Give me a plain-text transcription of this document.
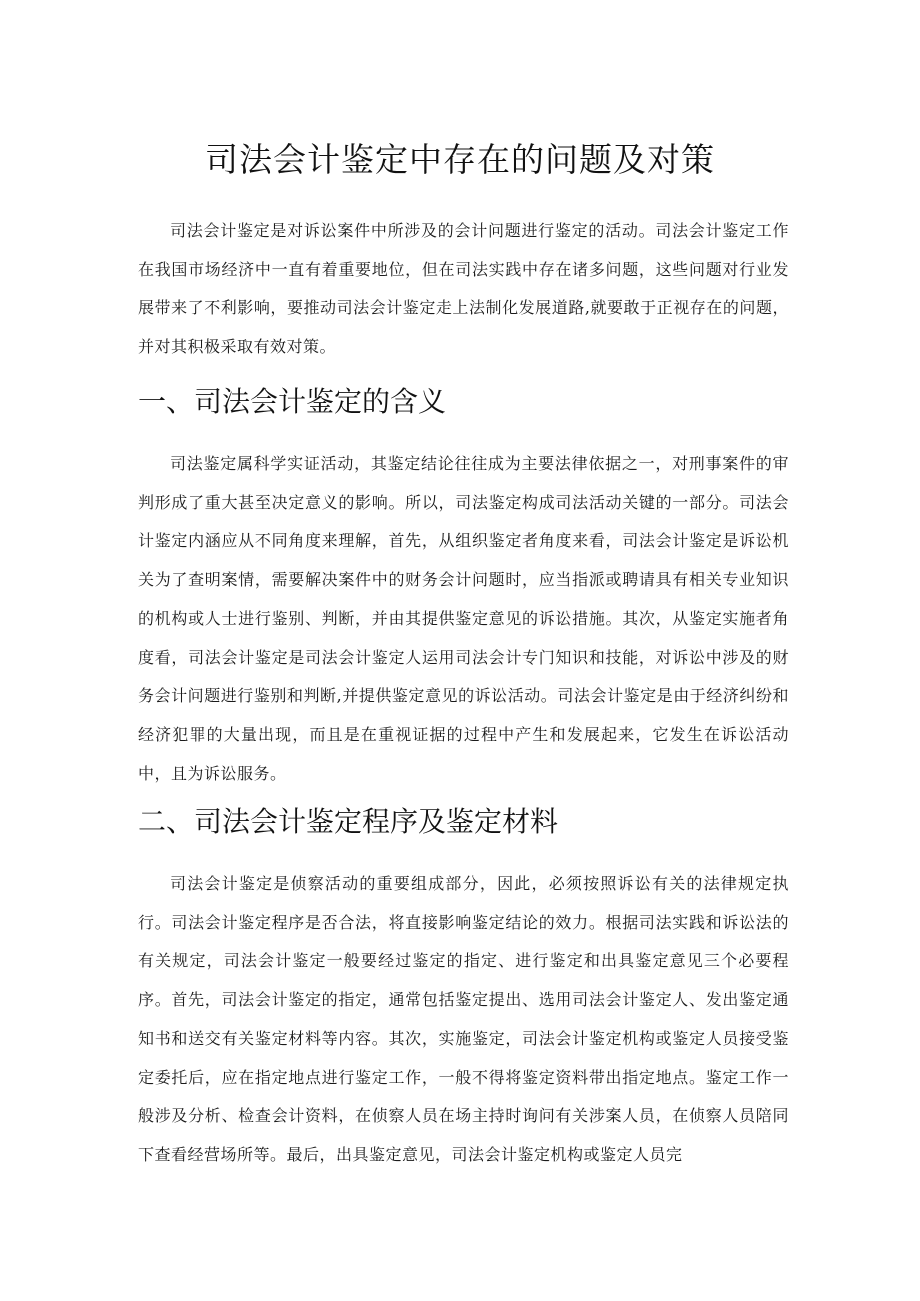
司法会计鉴定中存在的问题及对策

司法会计鉴定是对诉讼案件中所涉及的会计问题进行鉴定的活动。司法会计鉴定工作在我国市场经济中一直有着重要地位，但在司法实践中存在诸多问题，这些问题对行业发展带来了不利影响，要推动司法会计鉴定走上法制化发展道路,就要敢于正视存在的问题，并对其积极采取有效对策。

一、司法会计鉴定的含义

司法鉴定属科学实证活动，其鉴定结论往往成为主要法律依据之一，对刑事案件的审判形成了重大甚至决定意义的影响。所以，司法鉴定构成司法活动关键的一部分。司法会计鉴定内涵应从不同角度来理解，首先，从组织鉴定者角度来看，司法会计鉴定是诉讼机关为了查明案情，需要解决案件中的财务会计问题时，应当指派或聘请具有相关专业知识的机构或人士进行鉴别、判断，并由其提供鉴定意见的诉讼措施。其次，从鉴定实施者角度看，司法会计鉴定是司法会计鉴定人运用司法会计专门知识和技能，对诉讼中涉及的财务会计问题进行鉴别和判断,并提供鉴定意见的诉讼活动。司法会计鉴定是由于经济纠纷和经济犯罪的大量出现，而且是在重视证据的过程中产生和发展起来，它发生在诉讼活动中，且为诉讼服务。

二、司法会计鉴定程序及鉴定材料

司法会计鉴定是侦察活动的重要组成部分，因此，必须按照诉讼有关的法律规定执行。司法会计鉴定程序是否合法，将直接影响鉴定结论的效力。根据司法实践和诉讼法的有关规定，司法会计鉴定一般要经过鉴定的指定、进行鉴定和出具鉴定意见三个必要程序。首先，司法会计鉴定的指定，通常包括鉴定提出、选用司法会计鉴定人、发出鉴定通知书和送交有关鉴定材料等内容。其次，实施鉴定，司法会计鉴定机构或鉴定人员接受鉴定委托后，应在指定地点进行鉴定工作，一般不得将鉴定资料带出指定地点。鉴定工作一般涉及分析、检查会计资料，在侦察人员在场主持时询问有关涉案人员，在侦察人员陪同下查看经营场所等。最后，出具鉴定意见，司法会计鉴定机构或鉴定人员完
